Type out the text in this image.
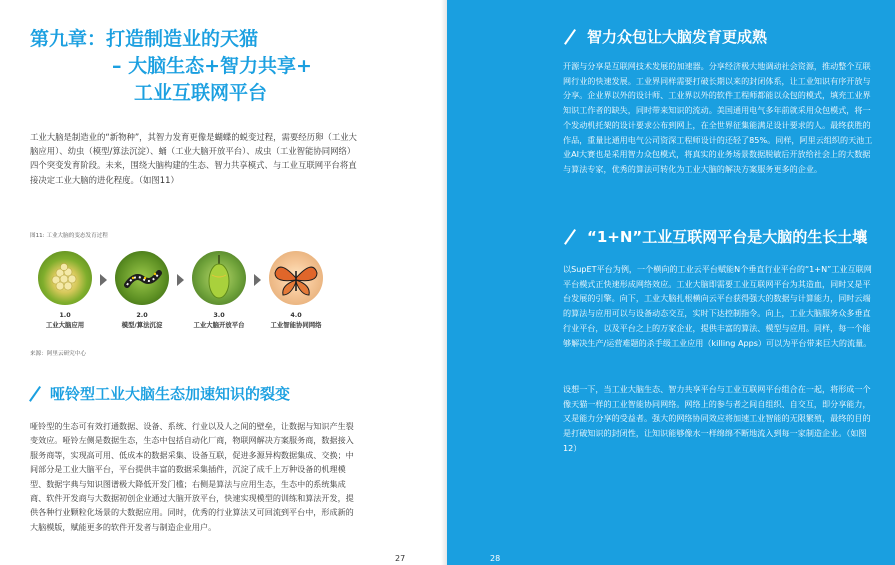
第九章：打造制造业的天猫
– 大脑生态+智力共享+
工业互联网平台

工业大脑是制造业的“新物种”，其智力发育更像是蝴蝶的蜕变过程，需要经历卵（工业大脑应用）、幼虫（模型/算法沉淀）、蛹（工业大脑开放平台）、成虫（工业智能协同网络）四个突变发育阶段。未来，围绕大脑构建的生态、智力共享模式、与工业互联网平台将直接决定工业大脑的进化程度。（如图11）

图11: 工业大脑的变态发育过程
1.0
工业大脑应用
2.0
模型/算法沉淀
3.0
工业大脑开放平台
4.0
工业智能协同网络
来源：阿里云研究中心
哑铃型工业大脑生态加速知识的裂变

哑铃型的生态可有效打通数据、设备、系统、行业以及人之间的壁垒，让数据与知识产生裂变效应。哑铃左侧是数据生态，生态中包括自动化厂商，物联网解决方案服务商，数据接入服务商等，实现高可用、低成本的数据采集、设备互联，促进多源异构数据集成、交换；中间部分是工业大脑平台，平台提供丰富的数据采集插件，沉淀了成千上万种设备的机理模型、数据字典与知识图谱极大降低开发门槛；右侧是算法与应用生态，生态中的系统集成商、软件开发商与大数据初创企业通过大脑开放平台，快速实现模型的训练和算法开发，提供各种行业颗粒化场景的大数据应用。同时，优秀的行业算法又可回流到平台中，形成新的大脑模版，赋能更多的软件开发者与制造企业用户。

27
智力众包让大脑发育更成熟

开源与分享是互联网技术发展的加速器。分享经济极大地调动社会资源，推动整个互联网行业的快速发展。工业界同样需要打破长期以来的封闭体系，让工业知识有序开放与分享。企业界以外的设计师、工业界以外的软件工程师都能以众包的模式，填充工业界知识工作者的缺失，同时带来知识的流动。美国通用电气多年前就采用众包模式，将一个发动机托架的设计要求公布到网上，在全世界征集能满足设计要求的人。最终获胜的作品，重量比通用电气公司资深工程师设计的还轻了85%。同样，阿里云组织的天池工业AI大赛也是采用智力众包模式，将真实的业务场景数据脱敏后开放给社会上的大数据与算法专家，优秀的算法可转化为工业大脑的解决方案服务更多的企业。

“1+N”工业互联网平台是大脑的生长土壤

以SupET平台为例，一个横向的工业云平台赋能N个垂直行业平台的“1+N”工业互联网平台模式正快速形成网络效应。工业大脑即需要工业互联网平台为其造血，同时又是平台发展的引擎。向下，工业大脑扎根横向云平台获得强大的数据与计算能力，同时云端的算法与应用可以与设备动态交互，实时下达控制指令。向上，工业大脑服务众多垂直行业平台，以及平台之上的万家企业，提供丰富的算法、模型与应用。同样，每一个能够解决生产/运营难题的杀手级工业应用（killing Apps）可以为平台带来巨大的流量。

设想一下，当工业大脑生态、智力共享平台与工业互联网平台组合在一起，将形成一个像天猫一样的工业智能协同网络。网络上的参与者之间自组织、自交互，即分享能力，又是能力分享的受益者。强大的网络协同效应将加速工业智能的无限繁殖，最终的目的是打破知识的封闭性，让知识能够像水一样绵绵不断地流入到每一家制造企业。（如图12）

28
